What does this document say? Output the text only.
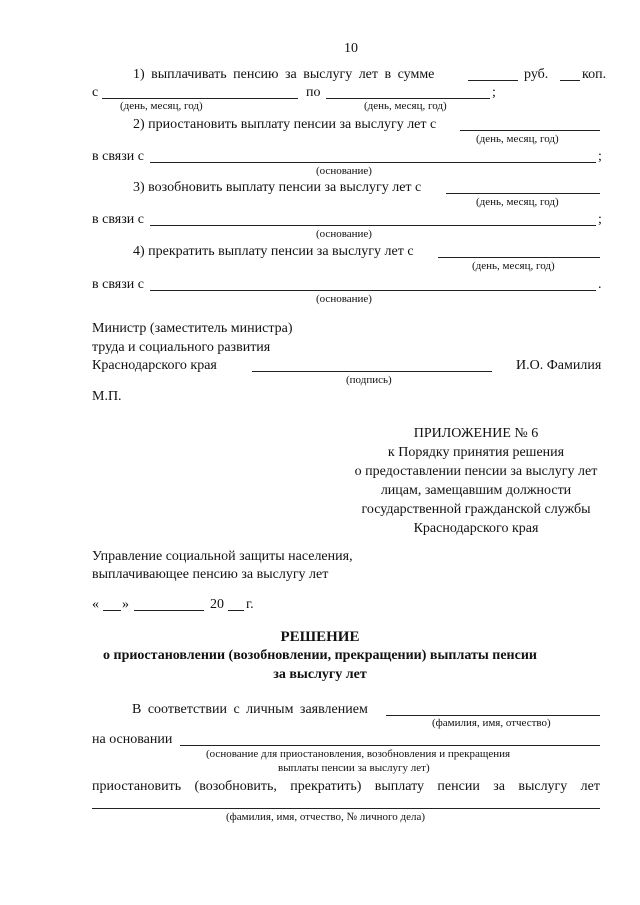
10
1) выплачивать пенсию за выслугу лет в сумме	руб. коп.
с	по	;
(день, месяц, год)	(день, месяц, год)
2) приостановить выплату пенсии за выслугу лет с
(день, месяц, год)
в связи с	;
(основание)
3) возобновить выплату пенсии за выслугу лет с
(день, месяц, год)
в связи с	;
(основание)
4) прекратить выплату пенсии за выслугу лет с
(день, месяц, год)
в связи с	.
(основание)
Министр (заместитель министра)
труда и социального развития
Краснодарского края	И.О. Фамилия
(подпись)
М.П.
ПРИЛОЖЕНИЕ № 6
к Порядку принятия решения
о предоставлении пенсии за выслугу лет
лицам, замещавшим должности
государственной гражданской службы
Краснодарского края
Управление социальной защиты населения,
выплачивающее пенсию за выслугу лет
« »	20 г.
РЕШЕНИЕ
о приостановлении (возобновлении, прекращении) выплаты пенсии
за выслугу лет
В соответствии с личным заявлением
(фамилия, имя, отчество)
на основании
(основание для приостановления, возобновления и прекращения
выплаты пенсии за выслугу лет)
приостановить (возобновить, прекратить) выплату пенсии за выслугу лет
(фамилия, имя, отчество, № личного дела)
